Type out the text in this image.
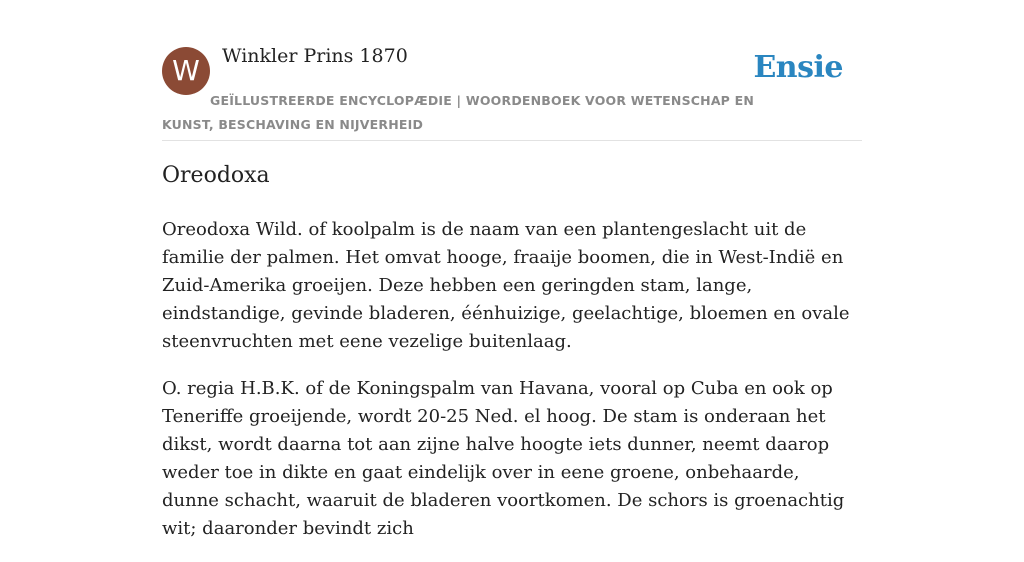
W	Winkler Prins 1870	Ensie
GEÏLLUSTREERDE ENCYCLOPÆDIE | WOORDENBOEK VOOR WETENSCHAP EN KUNST, BESCHAVING EN NIJVERHEID
Oreodoxa

Oreodoxa Wild. of koolpalm is de naam van een plantengeslacht uit de familie der palmen. Het omvat hooge, fraaije boomen, die in West-Indië en Zuid-Amerika groeijen. Deze hebben een geringden stam, lange, eindstandige, gevinde bladeren, éénhuizige, geelachtige, bloemen en ovale steenvruchten met eene vezelige buitenlaag.

O. regia H.B.K. of de Koningspalm van Havana, vooral op Cuba en ook op Teneriffe groeijende, wordt 20-25 Ned. el hoog. De stam is onderaan het dikst, wordt daarna tot aan zijne halve hoogte iets dunner, neemt daarop weder toe in dikte en gaat eindelijk over in eene groene, onbehaarde, dunne schacht, waaruit de bladeren voortkomen. De schors is groenachtig wit; daaronder bevindt zich
